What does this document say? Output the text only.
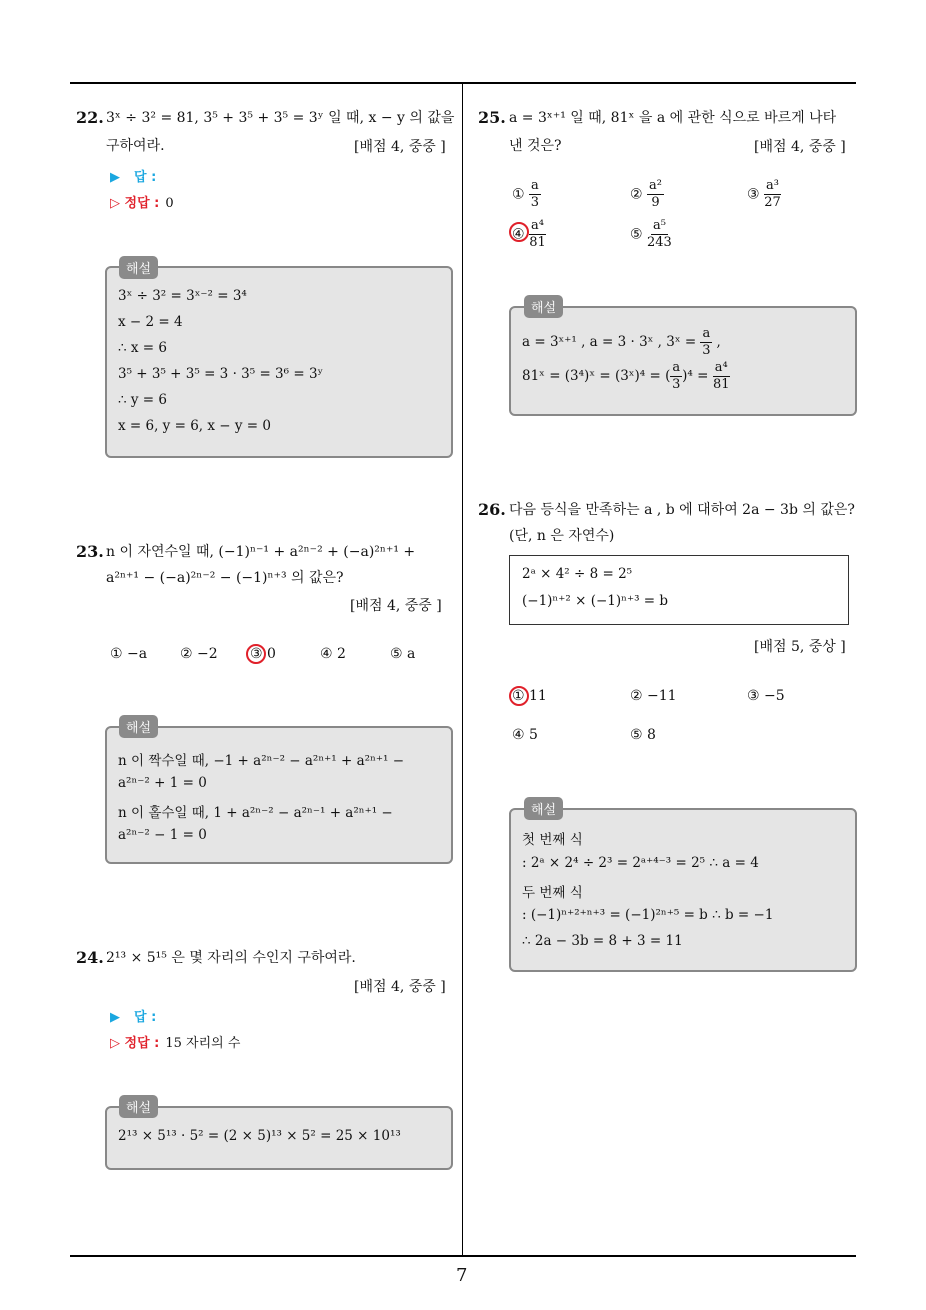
7
22. 3ˣ ÷ 3² = 81, 3⁵ + 3⁵ + 3⁵ = 3ʸ 일 때, x − y 의 값을
구하여라.	[배점 4, 중중 ]
▶ 답 :
▷ 정답 : 0
해설
3ˣ ÷ 3² = 3ˣ⁻² = 3⁴
x − 2 = 4
∴ x = 6
3⁵ + 3⁵ + 3⁵ = 3 · 3⁵ = 3⁶ = 3ʸ
∴ y = 6
x = 6, y = 6, x − y = 0
23. n 이 자연수일 때, (−1)ⁿ⁻¹ + a²ⁿ⁻² + (−a)²ⁿ⁺¹ +
a²ⁿ⁺¹ − (−a)²ⁿ⁻² − (−1)ⁿ⁺³ 의 값은?
[배점 4, 중중 ]
① −a ② −2 ③ 0	④ 2	⑤ a
해설
n 이 짝수일 때, −1 + a²ⁿ⁻² − a²ⁿ⁺¹ + a²ⁿ⁺¹ −
a²ⁿ⁻² + 1 = 0
n 이 홀수일 때, 1 + a²ⁿ⁻² − a²ⁿ⁻¹ + a²ⁿ⁺¹ −
a²ⁿ⁻² − 1 = 0
24. 2¹³ × 5¹⁵ 은 몇 자리의 수인지 구하여라.
[배점 4, 중중 ]
▶ 답 :
▷ 정답 : 15 자리의 수
해설
2¹³ × 5¹³ · 5² = (2 × 5)¹³ × 5² = 25 × 10¹³
25. a = 3ˣ⁺¹ 일 때, 81ˣ 을 a 에 관한 식으로 바르게 나타
낸 것은?	[배점 4, 중중 ]
① $\frac{a}{3}$	② $\frac{\text{a²}}{9}$	③ $\frac{\text{a³}}{27}$
④ $\frac{\text{a⁴}}{81}$	⑤ $\frac{\text{a⁵}}{243}$
해설
a = 3ˣ⁺¹ , a = 3 · 3ˣ , 3ˣ = $\frac{a}{3}$ ,
81ˣ = (3⁴)ˣ = (3ˣ)⁴ = ( $\frac{a}{3} )^4 = \frac{\text{a⁴}}{81}$
26. 다음 등식을 만족하는 a , b 에 대하여 2a − 3b 의 값은?
(단, n 은 자연수)
2ᵃ × 4² ÷ 8 = 2⁵
(−1)ⁿ⁺² × (−1)ⁿ⁺³ = b
[배점 5, 중상 ]
① 11	② −11	③ −5
④ 5	⑤ 8
해설
첫 번째 식
: 2ᵃ × 2⁴ ÷ 2³ = 2ᵃ⁺⁴⁻³ = 2⁵ ∴ a = 4
두 번째 식
: (−1)ⁿ⁺²⁺ⁿ⁺³ = (−1)²ⁿ⁺⁵ = b ∴ b = −1
∴ 2a − 3b = 8 + 3 = 11
